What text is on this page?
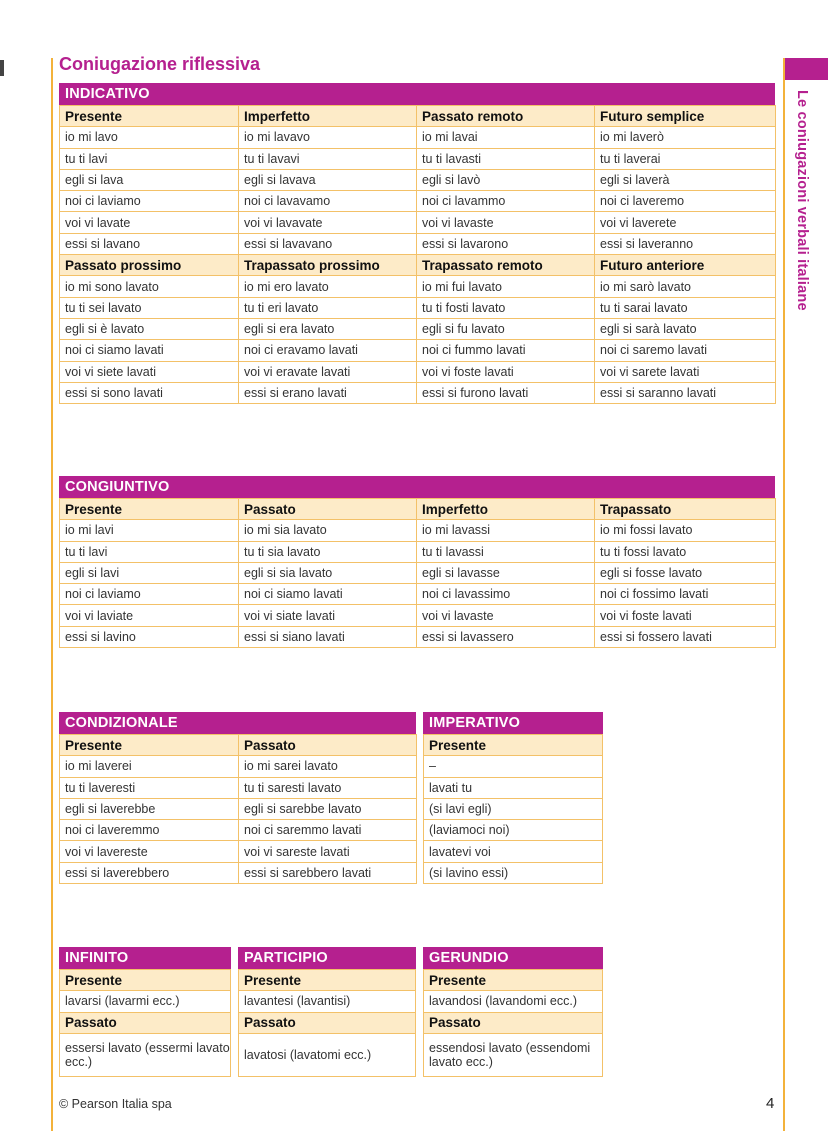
Le coniugazioni verbali italiane
Coniugazione riflessiva
INDICATIVO
Presente	Imperfetto	Passato remoto	Futuro semplice
io mi lavo	io mi lavavo	io mi lavai	io mi laverò
tu ti lavi	tu ti lavavi	tu ti lavasti	tu ti laverai
egli si lava	egli si lavava	egli si lavò	egli si laverà
noi ci laviamo	noi ci lavavamo	noi ci lavammo	noi ci laveremo
voi vi lavate	voi vi lavavate	voi vi lavaste	voi vi laverete
essi si lavano	essi si lavavano	essi si lavarono	essi si laveranno
Passato prossimo	Trapassato prossimo	Trapassato remoto	Futuro anteriore
io mi sono lavato	io mi ero lavato	io mi fui lavato	io mi sarò lavato
tu ti sei lavato	tu ti eri lavato	tu ti fosti lavato	tu ti sarai lavato
egli si è lavato	egli si era lavato	egli si fu lavato	egli si sarà lavato
noi ci siamo lavati	noi ci eravamo lavati	noi ci fummo lavati	noi ci saremo lavati
voi vi siete lavati	voi vi eravate lavati	voi vi foste lavati	voi vi sarete lavati
essi si sono lavati	essi si erano lavati	essi si furono lavati	essi si saranno lavati
CONGIUNTIVO
Presente	Passato	Imperfetto	Trapassato
io mi lavi	io mi sia lavato	io mi lavassi	io mi fossi lavato
tu ti lavi	tu ti sia lavato	tu ti lavassi	tu ti fossi lavato
egli si lavi	egli si sia lavato	egli si lavasse	egli si fosse lavato
noi ci laviamo	noi ci siamo lavati	noi ci lavassimo	noi ci fossimo lavati
voi vi laviate	voi vi siate lavati	voi vi lavaste	voi vi foste lavati
essi si lavino	essi si siano lavati	essi si lavassero	essi si fossero lavati
CONDIZIONALE
Presente	Passato
io mi laverei	io mi sarei lavato
tu ti laveresti	tu ti saresti lavato
egli si laverebbe	egli si sarebbe lavato
noi ci laveremmo	noi ci saremmo lavati
voi vi lavereste	voi vi sareste lavati
essi si laverebbero	essi si sarebbero lavati
IMPERATIVO
Presente
–
lavati tu
(si lavi egli)
(laviamoci noi)
lavatevi voi
(si lavino essi)
INFINITO
Presente
lavarsi (lavarmi ecc.)
Passato
essersi lavato (essermi lavato ecc.)
PARTICIPIO
Presente
lavantesi (lavantisi)
Passato
lavatosi (lavatomi ecc.)
GERUNDIO
Presente
lavandosi (lavandomi ecc.)
Passato
essendosi lavato (essendomi lavato ecc.)
© Pearson Italia spa	4
